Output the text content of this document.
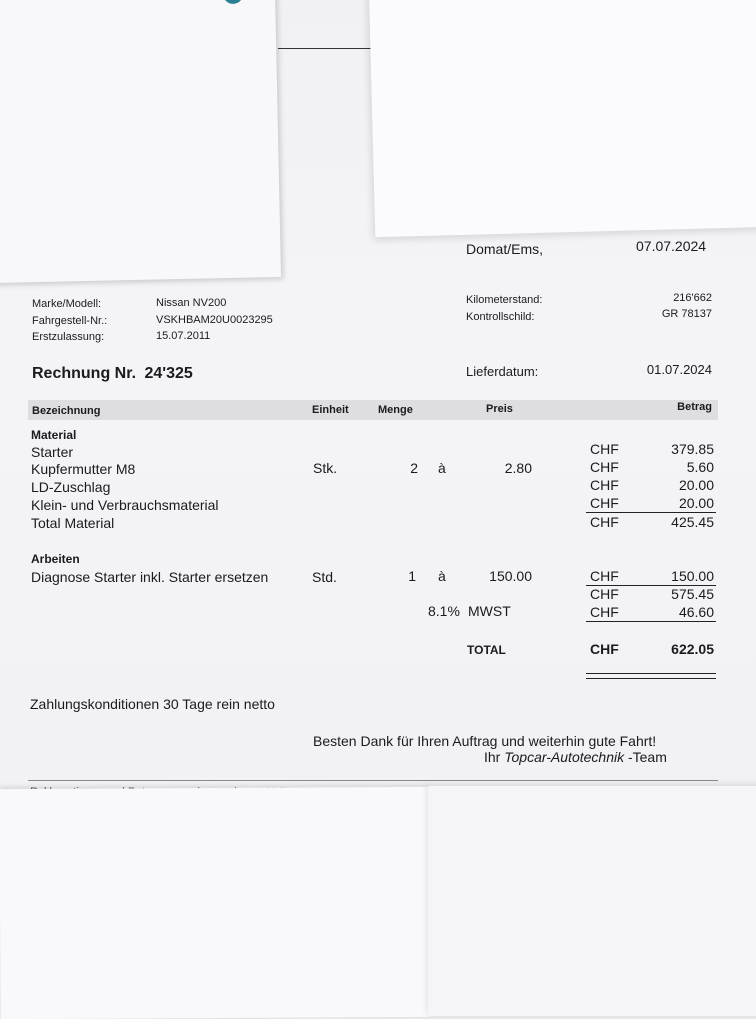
Domat/Ems,	07.07.2024
Marke/Modell:	Nissan NV200
Fahrgestell-Nr.:	VSKHBAM20U0023295
Erstzulassung:	15.07.2011
Kilometerstand:	216'662
Kontrollschild:	GR 78137
Rechnung Nr. 24'325	Lieferdatum:	01.07.2024
Bezeichnung	Einheit	Menge	Preis	Betrag
Material
Starter	CHF	379.85
Kupfermutter M8	Stk.	2 à	2.80	CHF	5.60
LD-Zuschlag	CHF	20.00
Klein- und Verbrauchsmaterial	CHF	20.00
Total Material	CHF	425.45
Arbeiten
Diagnose Starter inkl. Starter ersetzen	Std.	1 à	150.00	CHF	150.00
CHF	575.45
8.1% MWST	CHF	46.60
TOTAL	CHF	622.05
Zahlungskonditionen 30 Tage rein netto
Besten Dank für Ihren Auftrag und weiterhin gute Fahrt!
Ihr Topcar-Autotechnik -Team
